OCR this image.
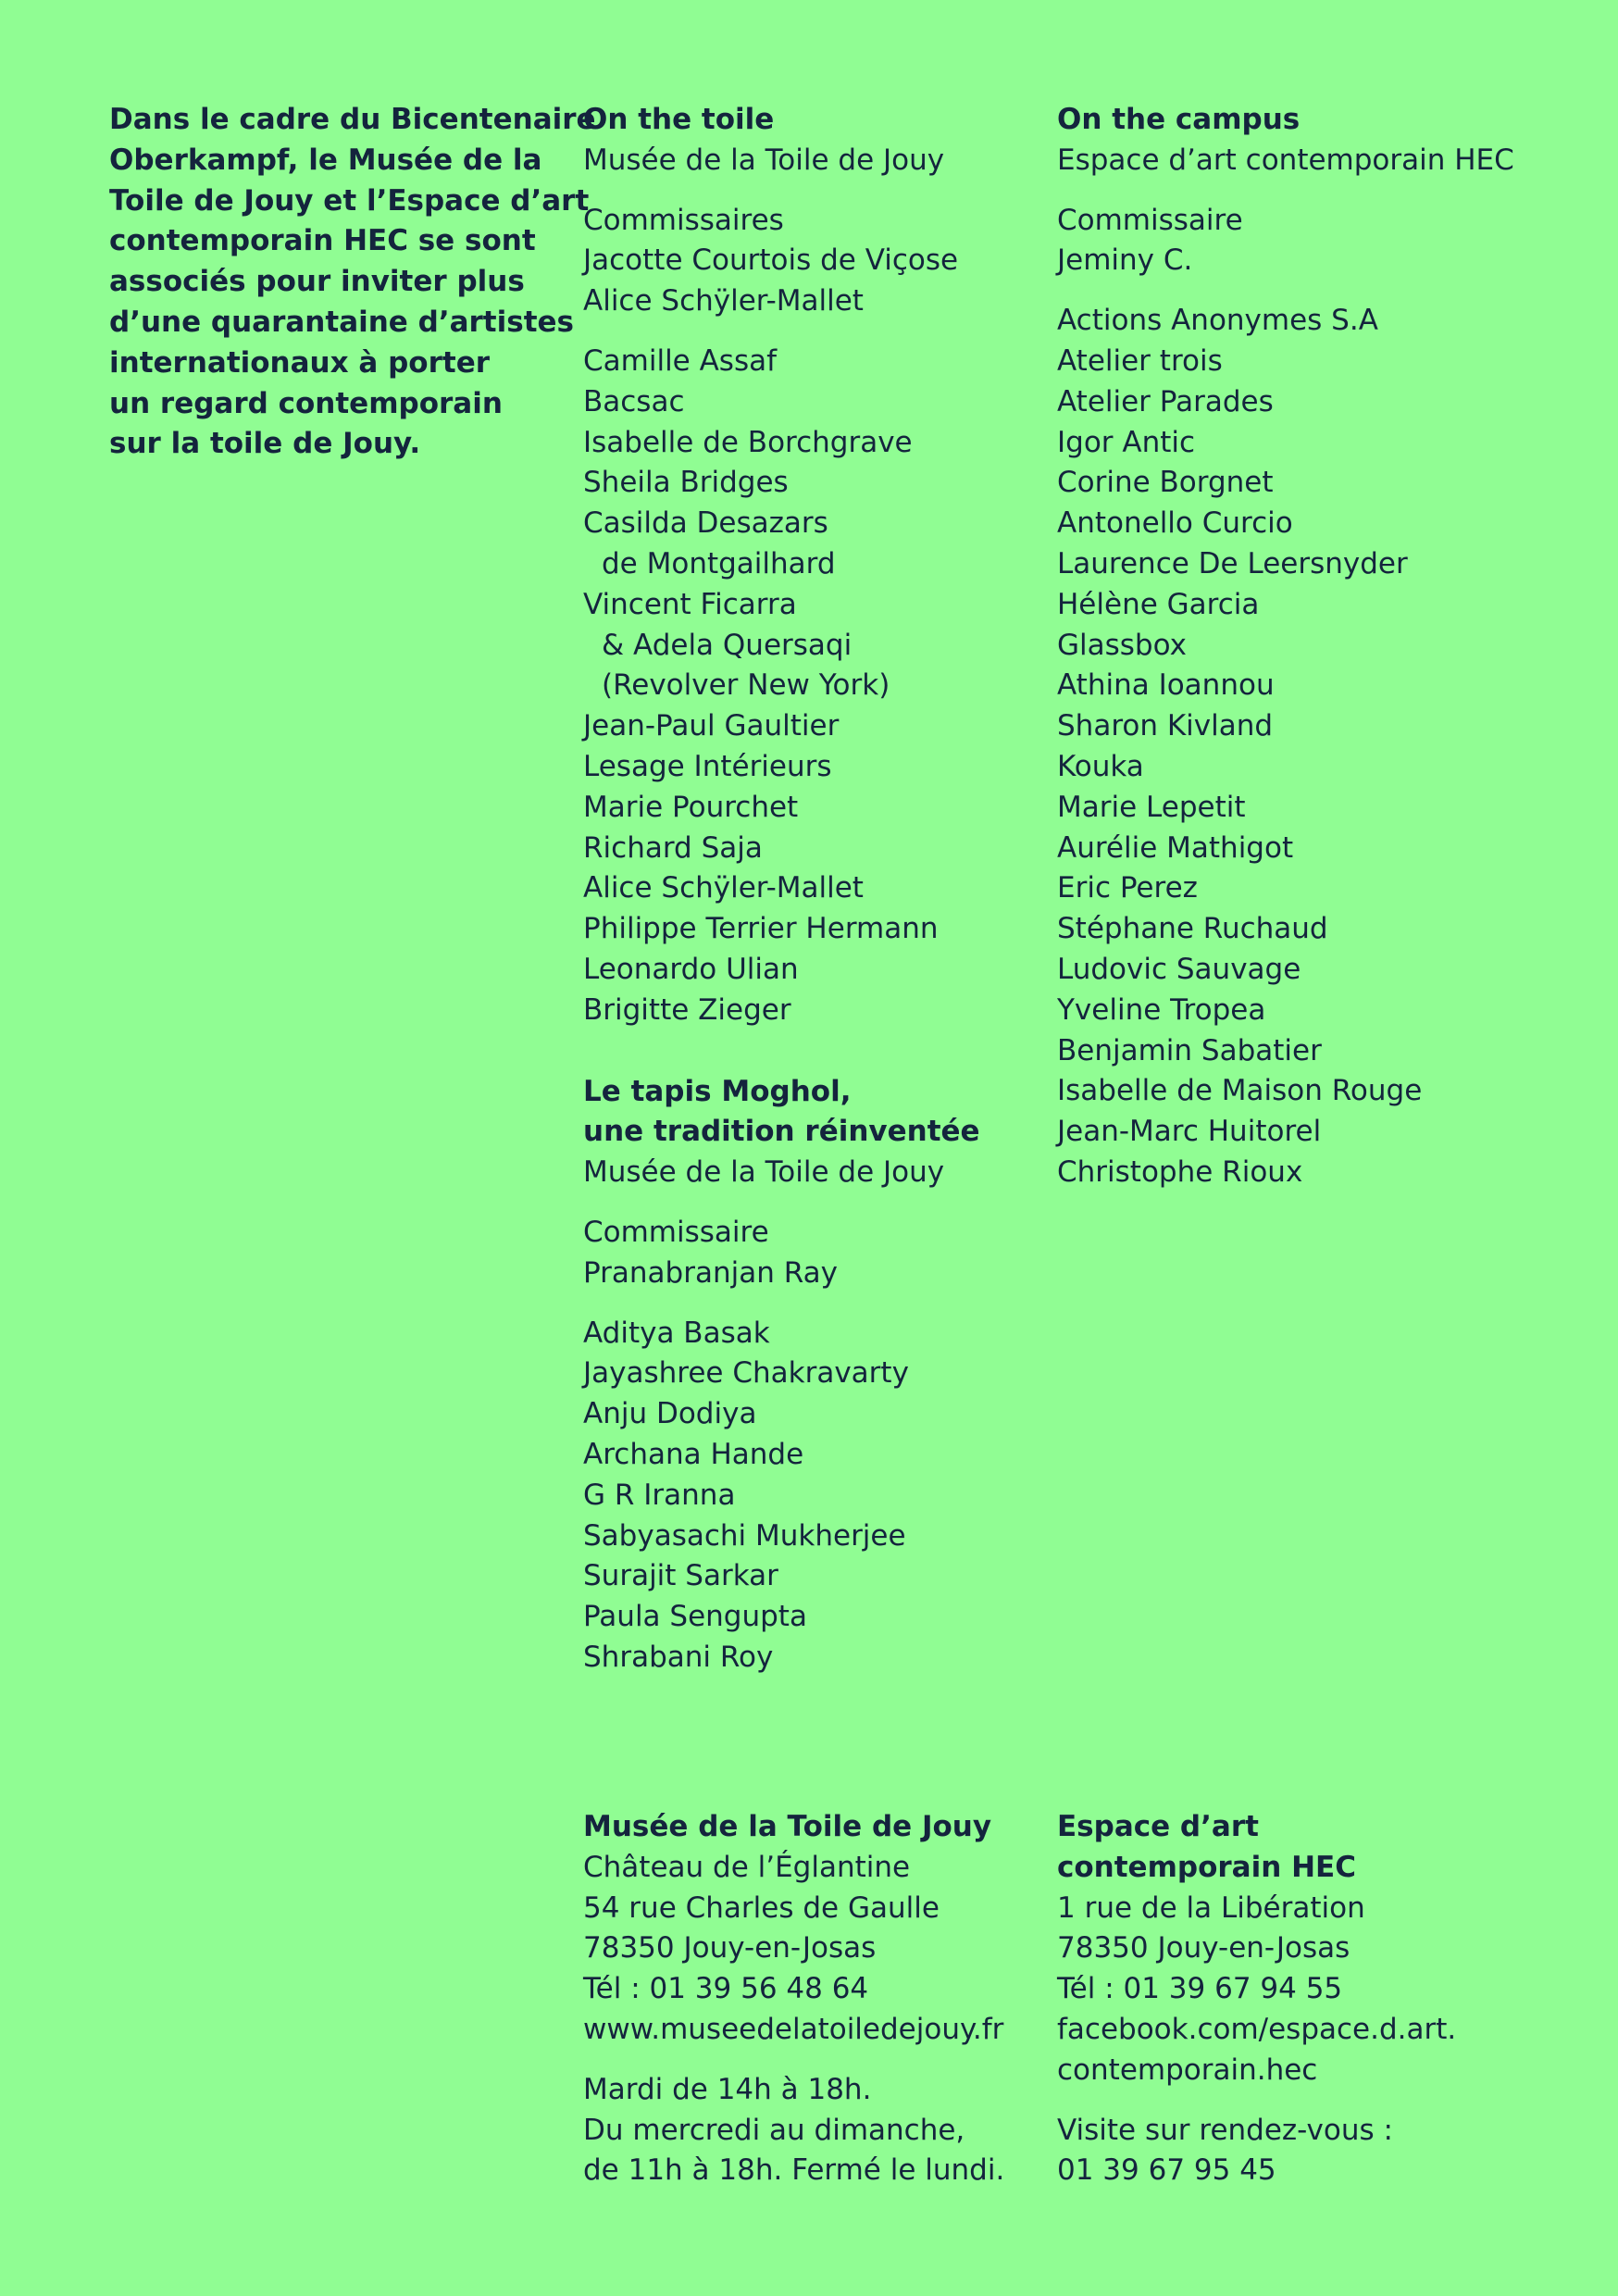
Dans le cadre du Bicentenaire
Oberkampf, le Musée de la
Toile de Jouy et l’Espace d’art
contemporain HEC se sont
associés pour inviter plus
d’une quarantaine d’artistes
internationaux à porter
un regard contemporain
sur la toile de Jouy.

On the toile
Musée de la Toile de Jouy
Commissaires
Jacotte Courtois de Viçose
Alice Schÿler-Mallet
Camille Assaf
Bacsac
Isabelle de Borchgrave
Sheila Bridges
Casilda Desazars
de Montgailhard
Vincent Ficarra
& Adela Quersaqi
(Revolver New York)
Jean-Paul Gaultier
Lesage Intérieurs
Marie Pourchet
Richard Saja
Alice Schÿler-Mallet
Philippe Terrier Hermann
Leonardo Ulian
Brigitte Zieger
Le tapis Moghol,
une tradition réinventée
Musée de la Toile de Jouy
Commissaire
Pranabranjan Ray
Aditya Basak
Jayashree Chakravarty
Anju Dodiya
Archana Hande
G R Iranna
Sabyasachi Mukherjee
Surajit Sarkar
Paula Sengupta
Shrabani Roy
On the campus
Espace d’art contemporain HEC
Commissaire
Jeminy C.
Actions Anonymes S.A
Atelier trois
Atelier Parades
Igor Antic
Corine Borgnet
Antonello Curcio
Laurence De Leersnyder
Hélène Garcia
Glassbox
Athina Ioannou
Sharon Kivland
Kouka
Marie Lepetit
Aurélie Mathigot
Eric Perez
Stéphane Ruchaud
Ludovic Sauvage
Yveline Tropea
Benjamin Sabatier
Isabelle de Maison Rouge
Jean-Marc Huitorel
Christophe Rioux
Musée de la Toile de Jouy
Château de l’Églantine
54 rue Charles de Gaulle
78350 Jouy-en-Josas
Tél : 01 39 56 48 64
www.museedelatoiledejouy.fr
Mardi de 14h à 18h.
Du mercredi au dimanche,
de 11h à 18h. Fermé le lundi.
Espace d’art
contemporain HEC
1 rue de la Libération
78350 Jouy-en-Josas
Tél : 01 39 67 94 55
facebook.com/espace.d.art.
contemporain.hec
Visite sur rendez-vous :
01 39 67 95 45
